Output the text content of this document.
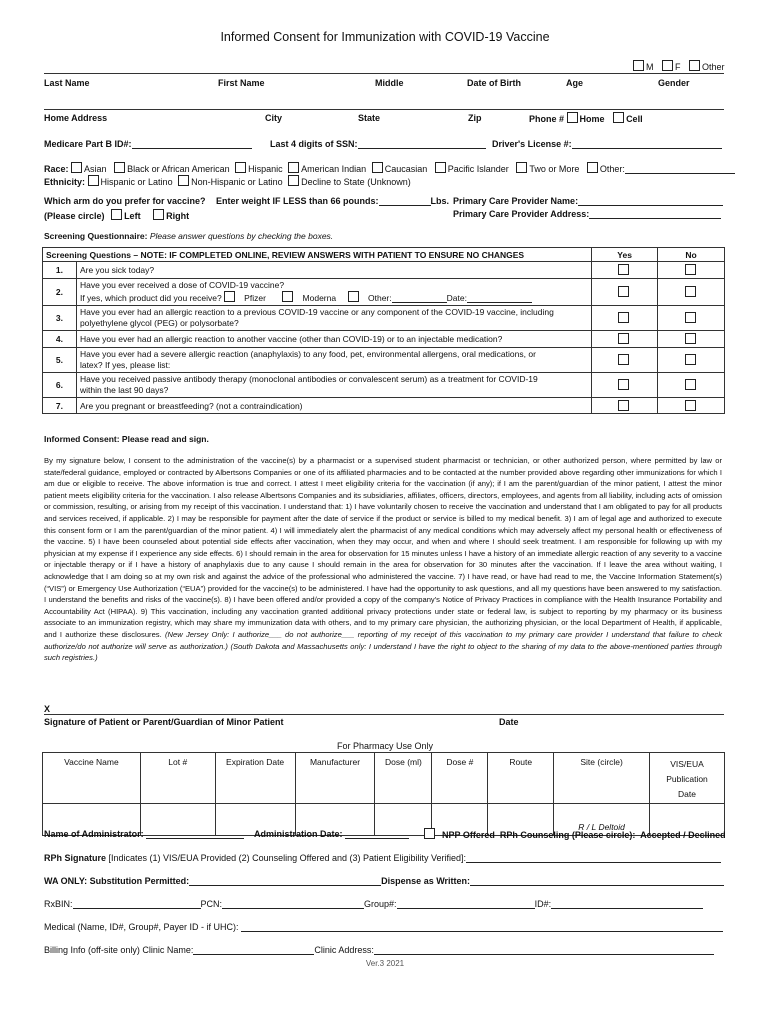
Informed Consent for Immunization with COVID-19 Vaccine
M F Other
Last Name	First Name	Middle	Date of Birth	Age	Gender
Home Address	City	State	Zip	Phone # Home Cell
Medicare Part B ID#:	Last 4 digits of SSN:	Driver's License #:
Race: Asian Black or African American Hispanic American Indian Caucasian Pacific Islander Two or More Other:
Ethnicity: Hispanic or Latino Non-Hispanic or Latino Decline to State (Unknown)
Which arm do you prefer for vaccine?
(Please circle) Left	Right
Enter weight IF LESS than 66 pounds:	Lbs. Primary Care Provider Name:
Primary Care Provider Address:
Screening Questionnaire: Please answer questions by checking the boxes.
Screening Questions – NOTE: IF COMPLETED ONLINE, REVIEW ANSWERS WITH PATIENT TO ENSURE NO CHANGES		Yes	No
1.	Are you sick today?		
2.	Have you ever received a dose of COVID-19 vaccine?
If yes, which product did you receive? Pfizer Moderna Other: Date:		

3.	Have you ever had an allergic reaction to a previous COVID-19 vaccine or any component of the COVID-19 vaccine, including
polyethylene glycol (PEG) or polysorbate?		

4.	Have you ever had an allergic reaction to another vaccine (other than COVID-19) or to an injectable medication?		
5.	Have you ever had a severe allergic reaction (anaphylaxis) to any food, pet, environmental allergens, oral medications, or
latex? If yes, please list:		

6.	Have you received passive antibody therapy (monoclonal antibodies or convalescent serum) as a treatment for COVID-19
within the last 90 days?		

7.	Are you pregnant or breastfeeding? (not a contraindication)		
Informed Consent: Please read and sign.
By my signature below, I consent to the administration of the vaccine(s) by a pharmacist or a supervised student pharmacist or technician, or other authorized person, where permitted by law or state/federal guidance, employed or contracted by Albertsons Companies or one of its affiliated pharmacies and to be contacted at the number provided above regarding other immunizations for which I am due or eligible to receive. The above information is true and correct. I attest I meet eligibility criteria for the vaccination (if any); if I am the parent/guardian of the minor patient, I attest the minor patient meets eligibility criteria for the vaccination. I also release Albertsons Companies and its subsidiaries, affiliates, officers, directors, employees, and agents from all liability, including acts of omission or commission, resulting, or arising from my receipt of this vaccination. I understand that: 1) I have voluntarily chosen to receive the vaccination and understand that I am obligated to pay for all products and services received, if applicable. 2) I may be responsible for payment after the date of service if the product or service is billed to my medical benefit. 3) I am of legal age and authorized to execute this consent form or I am the parent/guardian of the minor patient. 4) I will immediately alert the pharmacist of any medical conditions which may adversely affect my personal health or effectiveness of the vaccine. 5) I have been counseled about potential side effects after vaccination, when they may occur, and when and where I should seek treatment. I am responsible for following up with my physician at my expense if I experience any side effects. 6) I should remain in the area for observation for 15 minutes unless I have a history of an immediate allergic reaction of any severity to a vaccine or injectable therapy or if I have a history of anaphylaxis due to any cause I should remain in the area for observation for 30 minutes after the vaccination. If I leave the area without waiting, I acknowledge that I am doing so at my own risk and against the advice of the professional who administered the vaccine. 7) I have read, or have had read to me, the Vaccine Information Statement(s) (“VIS”) or Emergency Use Authorization (“EUA”) provided for the vaccine(s) to be administered. I have had the opportunity to ask questions, and all my questions have been answered to my satisfaction. I understand the benefits and risks of the vaccine(s). 8) I have been offered and/or provided a copy of the company's Notice of Privacy Practices in compliance with the Health Insurance Portability and Accountability Act (HIPAA). 9) This vaccination, including any vaccination granted additional privacy protections under state or federal law, is subject to reporting by my pharmacy or its business associate to an immunization registry, which may share my immunization data with others, and to my primary care physician, the authorizing physician, or the local Department of Health, if applicable, and I authorize these disclosures. (New Jersey Only: I authorize___ do not authorize___ reporting of my receipt of this vaccination to my primary care provider I understand that failure to check authorize/do not authorize will serve as authorization.) (South Dakota and Massachusetts only: I understand I have the right to object to the sharing of my data to the above-mentioned parties through such registries.)
X
Signature of Patient or Parent/Guardian of Minor Patient	Date
For Pharmacy Use Only
Vaccine Name	Lot #	Expiration Date	Manufacturer	Dose (ml)	Dose #	Route	Site (circle)	VIS/EUA Publication
Date

							R / L Deltoid	
Name of Administrator:	Administration Date:	NPP Offered RPh Counseling (Please circle): Accepted / Declined
RPh Signature [Indicates (1) VIS/EUA Provided (2) Counseling Offered and (3) Patient Eligibility Verified]:
WA ONLY: Substitution Permitted:	Dispense as Written:
RxBIN:	PCN:	Group#:	ID#:
Medical (Name, ID#, Group#, Payer ID - if UHC):
Billing Info (off-site only) Clinic Name:	Clinic Address:
Ver.3 2021
